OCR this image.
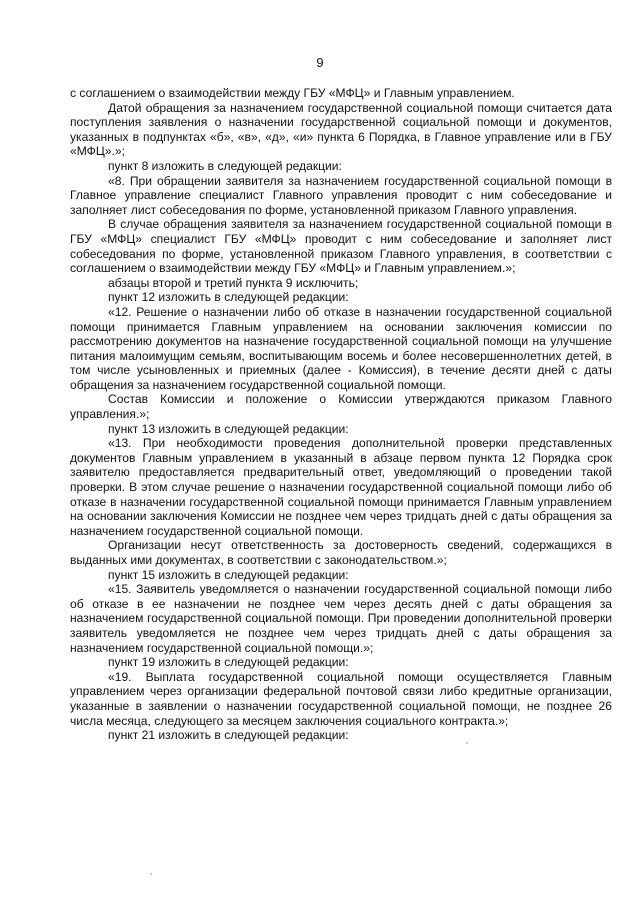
9

с соглашением о взаимодействии между ГБУ «МФЦ» и Главным управлением.

Датой обращения за назначением государственной социальной помощи считается дата поступления заявления о назначении государственной социальной помощи и документов, указанных в подпунктах «б», «в», «д», «и» пункта 6 Порядка, в Главное управление или в ГБУ «МФЦ».»;

пункт 8 изложить в следующей редакции:

«8. При обращении заявителя за назначением государственной социальной помощи в Главное управление специалист Главного управления проводит с ним собеседование и заполняет лист собеседования по форме, установленной приказом Главного управления.

В случае обращения заявителя за назначением государственной социальной помощи в ГБУ «МФЦ» специалист ГБУ «МФЦ» проводит с ним собеседование и заполняет лист собеседования по форме, установленной приказом Главного управления, в соответствии с соглашением о взаимодействии между ГБУ «МФЦ» и Главным управлением.»;

абзацы второй и третий пункта 9 исключить;

пункт 12 изложить в следующей редакции:

«12. Решение о назначении либо об отказе в назначении государственной социальной помощи принимается Главным управлением на основании заключения комиссии по рассмотрению документов на назначение государственной социальной помощи на улучшение питания малоимущим семьям, воспитывающим восемь и более несовершеннолетних детей, в том числе усыновленных и приемных (далее - Комиссия), в течение десяти дней с даты обращения за назначением государственной социальной помощи.

Состав Комиссии и положение о Комиссии утверждаются приказом Главного управления.»;

пункт 13 изложить в следующей редакции:

«13. При необходимости проведения дополнительной проверки представленных документов Главным управлением в указанный в абзаце первом пункта 12 Порядка срок заявителю предоставляется предварительный ответ, уведомляющий о проведении такой проверки. В этом случае решение о назначении государственной социальной помощи либо об отказе в назначении государственной социальной помощи принимается Главным управлением на основании заключения Комиссии не позднее чем через тридцать дней с даты обращения за назначением государственной социальной помощи.

Организации несут ответственность за достоверность сведений, содержащихся в выданных ими документах, в соответствии с законодательством.»;

пункт 15 изложить в следующей редакции:

«15. Заявитель уведомляется о назначении государственной социальной помощи либо об отказе в ее назначении не позднее чем через десять дней с даты обращения за назначением государственной социальной помощи. При проведении дополнительной проверки заявитель уведомляется не позднее чем через тридцать дней с даты обращения за назначением государственной социальной помощи.»;

пункт 19 изложить в следующей редакции:

«19. Выплата государственной социальной помощи осуществляется Главным управлением через организации федеральной почтовой связи либо кредитные организации, указанные в заявлении о назначении государственной социальной помощи, не позднее 26 числа месяца, следующего за месяцем заключения социального контракта.»;

пункт 21 изложить в следующей редакции:
